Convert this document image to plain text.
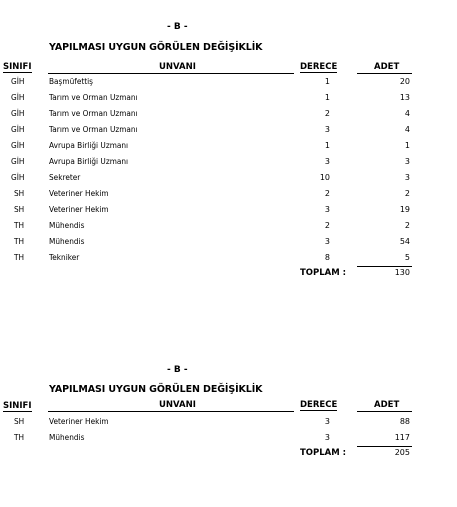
- B -
YAPILMASI UYGUN GÖRÜLEN DEĞİŞİKLİK
SINIFI	UNVANI	DERECE	ADET
GİH	Başmüfettiş	1	20
GİH	Tarım ve Orman Uzmanı	1	13
GİH	Tarım ve Orman Uzmanı	2	4
GİH	Tarım ve Orman Uzmanı	3	4
GİH	Avrupa Birliği Uzmanı	1	1
GİH	Avrupa Birliği Uzmanı	3	3
GİH	Sekreter	10	3
SH	Veteriner Hekim	2	2
SH	Veteriner Hekim	3	19
TH	Mühendis	2	2
TH	Mühendis	3	54
TH	Tekniker	8	5
TOPLAM :	130
- B -
YAPILMASI UYGUN GÖRÜLEN DEĞİŞİKLİK
SINIFI	UNVANI	DERECE	ADET
SH	Veteriner Hekim	3	88
TH	Mühendis	3	117
TOPLAM :	205
